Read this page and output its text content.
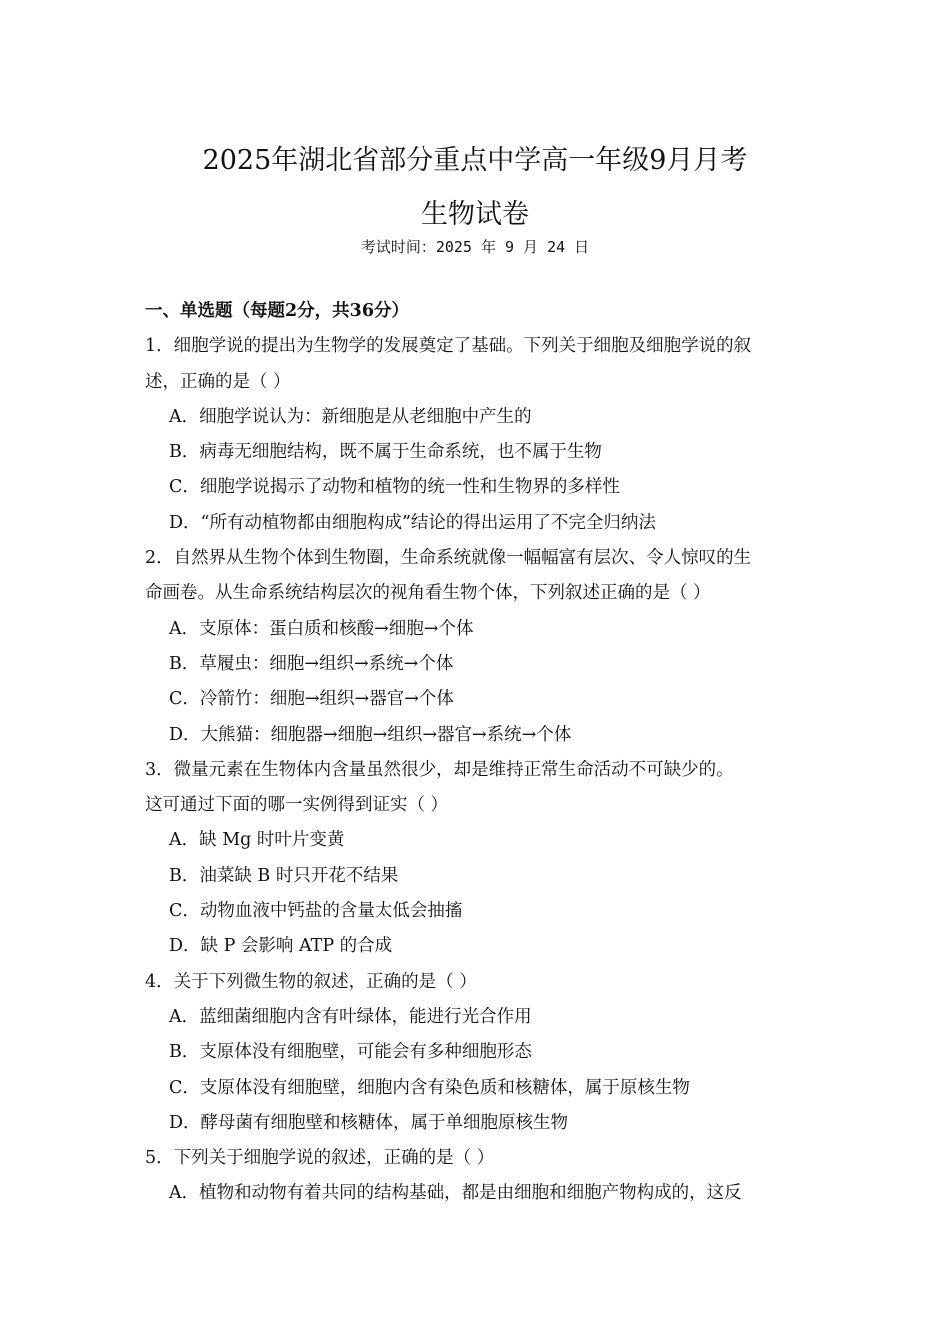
2025年湖北省部分重点中学高一年级9月月考
生物试卷
考试时间：2025 年 9 月 24 日
一、单选题（每题2分，共36分）
1．细胞学说的提出为生物学的发展奠定了基础。下列关于细胞及细胞学说的叙
述，正确的是（ ）
A．细胞学说认为：新细胞是从老细胞中产生的
B．病毒无细胞结构，既不属于生命系统，也不属于生物
C．细胞学说揭示了动物和植物的统一性和生物界的多样性
D．“所有动植物都由细胞构成”结论的得出运用了不完全归纳法
2．自然界从生物个体到生物圈，生命系统就像一幅幅富有层次、令人惊叹的生
命画卷。从生命系统结构层次的视角看生物个体，下列叙述正确的是（ ）
A．支原体：蛋白质和核酸→细胞→个体
B．草履虫：细胞→组织→系统→个体
C．冷箭竹：细胞→组织→器官→个体
D．大熊猫：细胞器→细胞→组织→器官→系统→个体
3．微量元素在生物体内含量虽然很少，却是维持正常生命活动不可缺少的。
这可通过下面的哪一实例得到证实（ ）
A．缺 Mg 时叶片变黄
B．油菜缺 B 时只开花不结果
C．动物血液中钙盐的含量太低会抽搐
D．缺 P 会影响 ATP 的合成
4．关于下列微生物的叙述，正确的是（ ）
A．蓝细菌细胞内含有叶绿体，能进行光合作用
B．支原体没有细胞壁，可能会有多种细胞形态
C．支原体没有细胞壁，细胞内含有染色质和核糖体，属于原核生物
D．酵母菌有细胞壁和核糖体，属于单细胞原核生物
5．下列关于细胞学说的叙述，正确的是（ ）
A．植物和动物有着共同的结构基础，都是由细胞和细胞产物构成的，这反
